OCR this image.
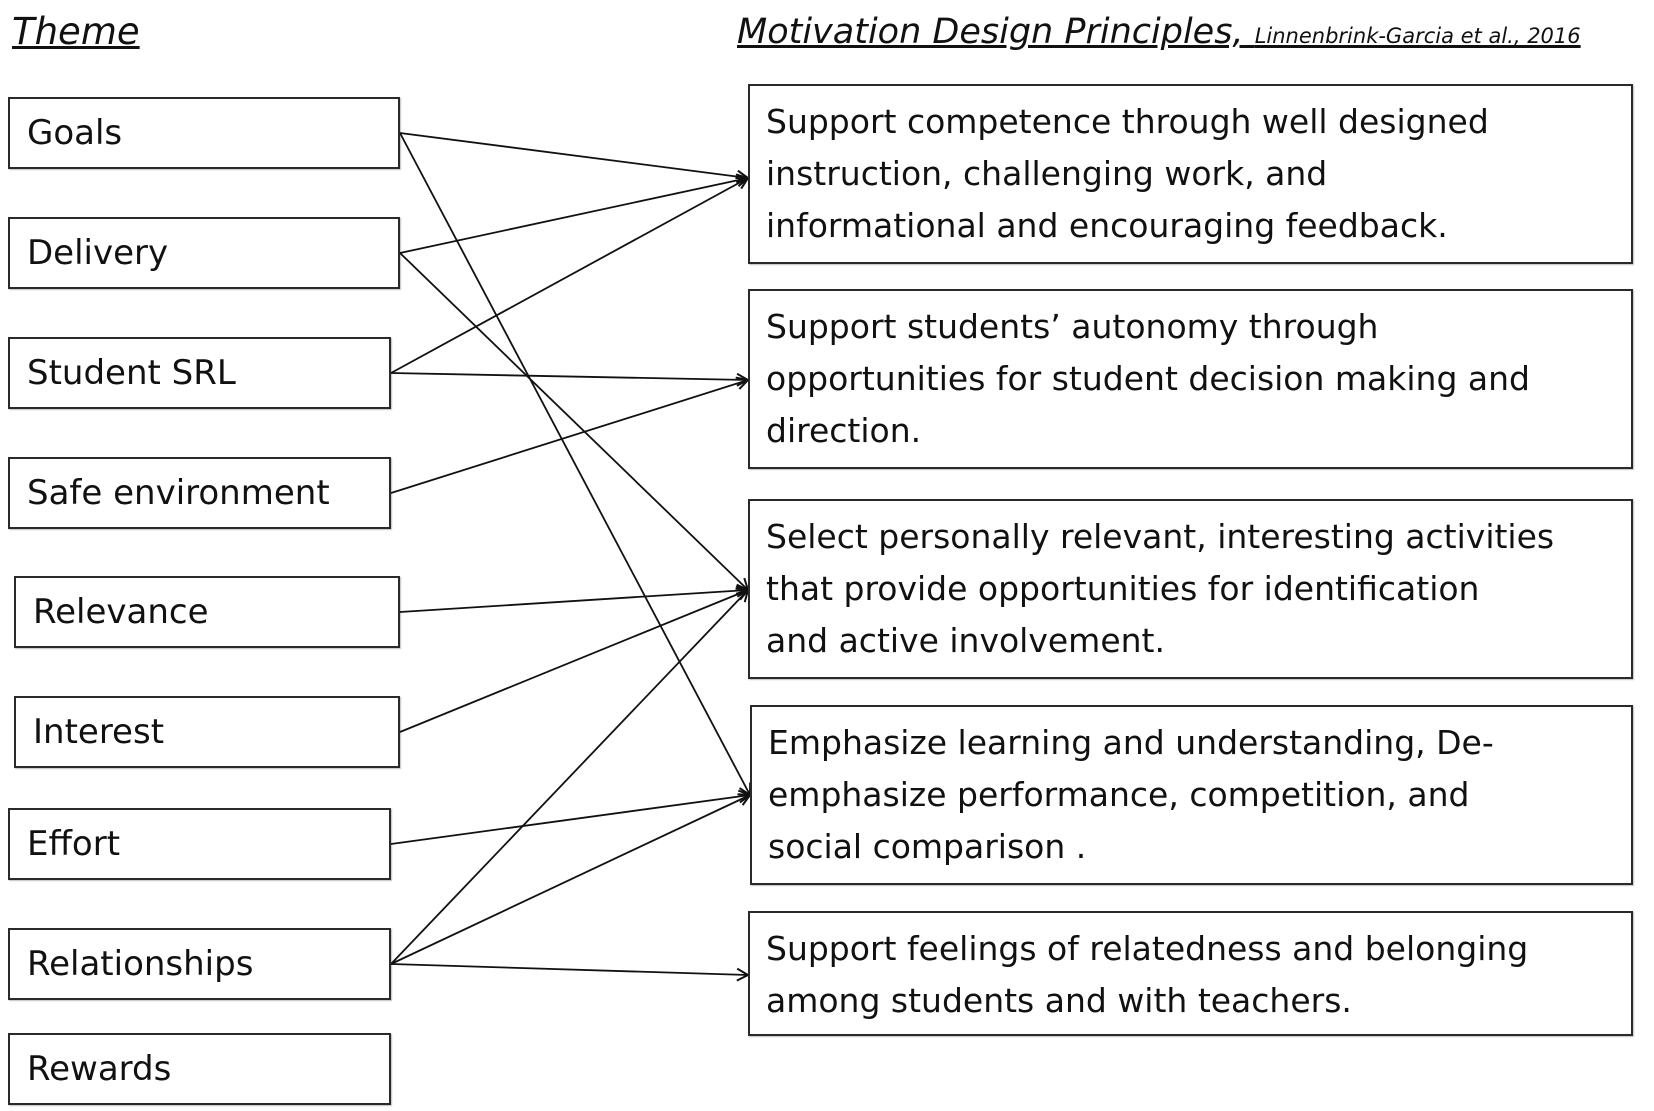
Theme	Motivation Design Principles, Linnenbrink-Garcia et al., 2016
Goals
Delivery
Student SRL
Safe environment
Relevance
Interest
Effort
Relationships
Rewards
Support competence through well designed
instruction, challenging work, and
informational and encouraging feedback.
Support students’ autonomy through
opportunities for student decision making and
direction.
Select personally relevant, interesting activities
that provide opportunities for identification
and active involvement.
Emphasize learning and understanding, De-
emphasize performance, competition, and
social comparison .
Support feelings of relatedness and belonging
among students and with teachers.
